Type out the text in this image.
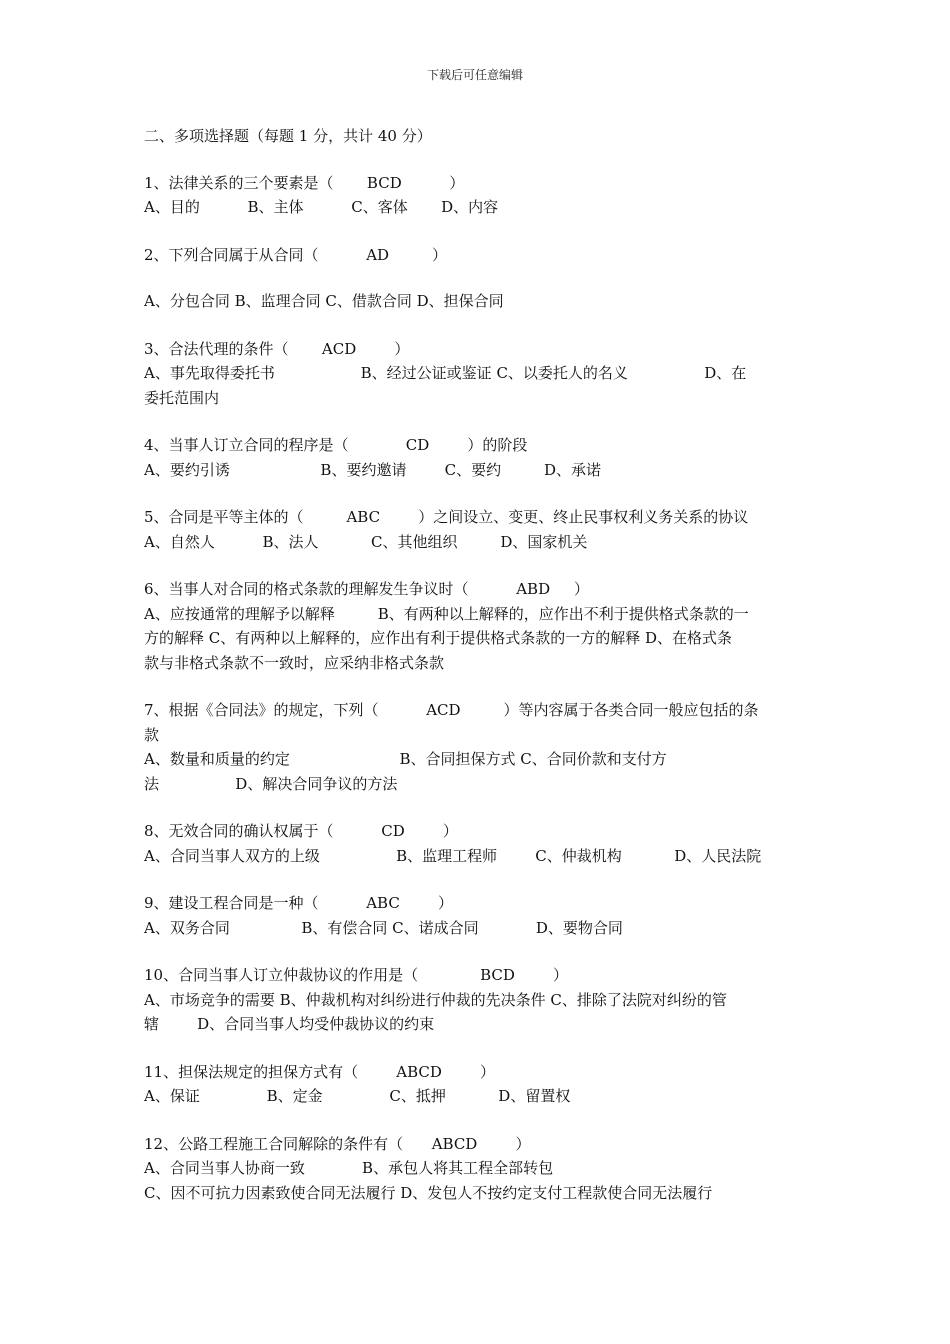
下载后可任意编辑
二、多项选择题（每题 1 分，共计 40 分）
1、法律关系的三个要素是（       BCD          ）
A、目的          B、主体          C、客体       D、内容
2、下列合同属于从合同（          AD         ）
A、分包合同 B、监理合同 C、借款合同 D、担保合同
3、合法代理的条件（       ACD        ）
A、事先取得委托书                  B、经过公证或鉴证 C、以委托人的名义                D、在
委托范围内
4、当事人订立合同的程序是（            CD        ）的阶段
A、要约引诱                   B、要约邀请        C、要约         D、承诺
5、合同是平等主体的（         ABC        ）之间设立、变更、终止民事权利义务关系的协议
A、自然人          B、法人           C、其他组织         D、国家机关
6、当事人对合同的格式条款的理解发生争议时（          ABD     ）
A、应按通常的理解予以解释         B、有两种以上解释的，应作出不利于提供格式条款的一
方的解释 C、有两种以上解释的，应作出有利于提供格式条款的一方的解释 D、在格式条
款与非格式条款不一致时，应采纳非格式条款
7、根据《合同法》的规定，下列（          ACD         ）等内容属于各类合同一般应包括的条
款
A、数量和质量的约定                       B、合同担保方式 C、合同价款和支付方
法                D、解决合同争议的方法
8、无效合同的确认权属于（          CD        ）
A、合同当事人双方的上级                B、监理工程师        C、仲裁机构           D、人民法院
9、建设工程合同是一种（          ABC        ）
A、双务合同               B、有偿合同 C、诺成合同            D、要物合同
10、合同当事人订立仲裁协议的作用是（             BCD        ）
A、市场竞争的需要 B、仲裁机构对纠纷进行仲裁的先决条件 C、排除了法院对纠纷的管
辖        D、合同当事人均受仲裁协议的约束
11、担保法规定的担保方式有（        ABCD        ）
A、保证              B、定金              C、抵押           D、留置权
12、公路工程施工合同解除的条件有（      ABCD        ）
A、合同当事人协商一致            B、承包人将其工程全部转包
C、因不可抗力因素致使合同无法履行 D、发包人不按约定支付工程款使合同无法履行
